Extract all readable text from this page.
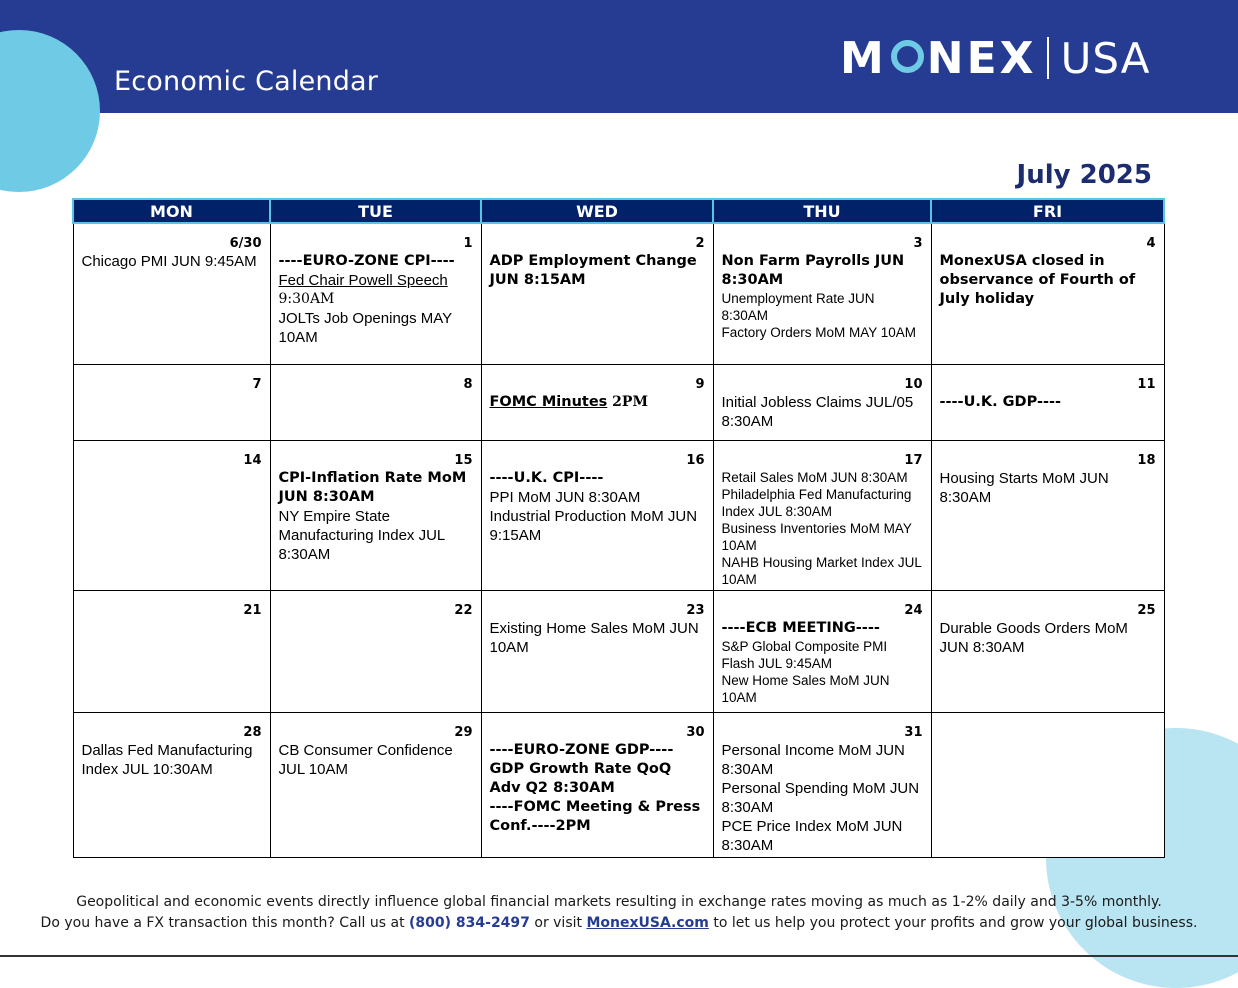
Economic Calendar	M NEX USA
July 2025
MON	TUE	WED	THU	FRI

6/30
Chicago PMI JUN 9:45AM	1
----EURO-ZONE CPI----
Fed Chair Powell Speech
9:30AM
JOLTs Job Openings MAY 10AM	2
ADP Employment Change JUN 8:15AM	3
Non Farm Payrolls JUN 8:30AM
Unemployment Rate JUN 8:30AM
Factory Orders MoM MAY 10AM	4
MonexUSA closed in observance of Fourth of July holiday

7	8	9
FOMC Minutes 2PM	10
Initial Jobless Claims JUL/05 8:30AM	11
----U.K. GDP----

14	15
CPI-Inflation Rate MoM JUN 8:30AM
NY Empire State Manufacturing Index JUL 8:30AM	16
----U.K. CPI----
PPI MoM JUN 8:30AM
Industrial Production MoM JUN 9:15AM	17
Retail Sales MoM JUN 8:30AM
Philadelphia Fed Manufacturing Index JUL 8:30AM
Business Inventories MoM MAY 10AM
NAHB Housing Market Index JUL 10AM	18
Housing Starts MoM JUN 8:30AM

21	22	23
Existing Home Sales MoM JUN 10AM	24
----ECB MEETING----
S&P Global Composite PMI Flash JUL 9:45AM
New Home Sales MoM JUN 10AM	25
Durable Goods Orders MoM JUN 8:30AM

28
Dallas Fed Manufacturing Index JUL 10:30AM	29
CB Consumer Confidence JUL 10AM	30
----EURO-ZONE GDP----
GDP Growth Rate QoQ Adv Q2 8:30AM
----FOMC Meeting & Press Conf.----2PM	31
Personal Income MoM JUN 8:30AM
Personal Spending MoM JUN 8:30AM
PCE Price Index MoM JUN 8:30AM	

Geopolitical and economic events directly influence global financial markets resulting in exchange rates moving as much as 1-2% daily and 3-5% monthly.
Do you have a FX transaction this month? Call us at (800) 834-2497 or visit MonexUSA.com to let us help you protect your profits and grow your global business.
